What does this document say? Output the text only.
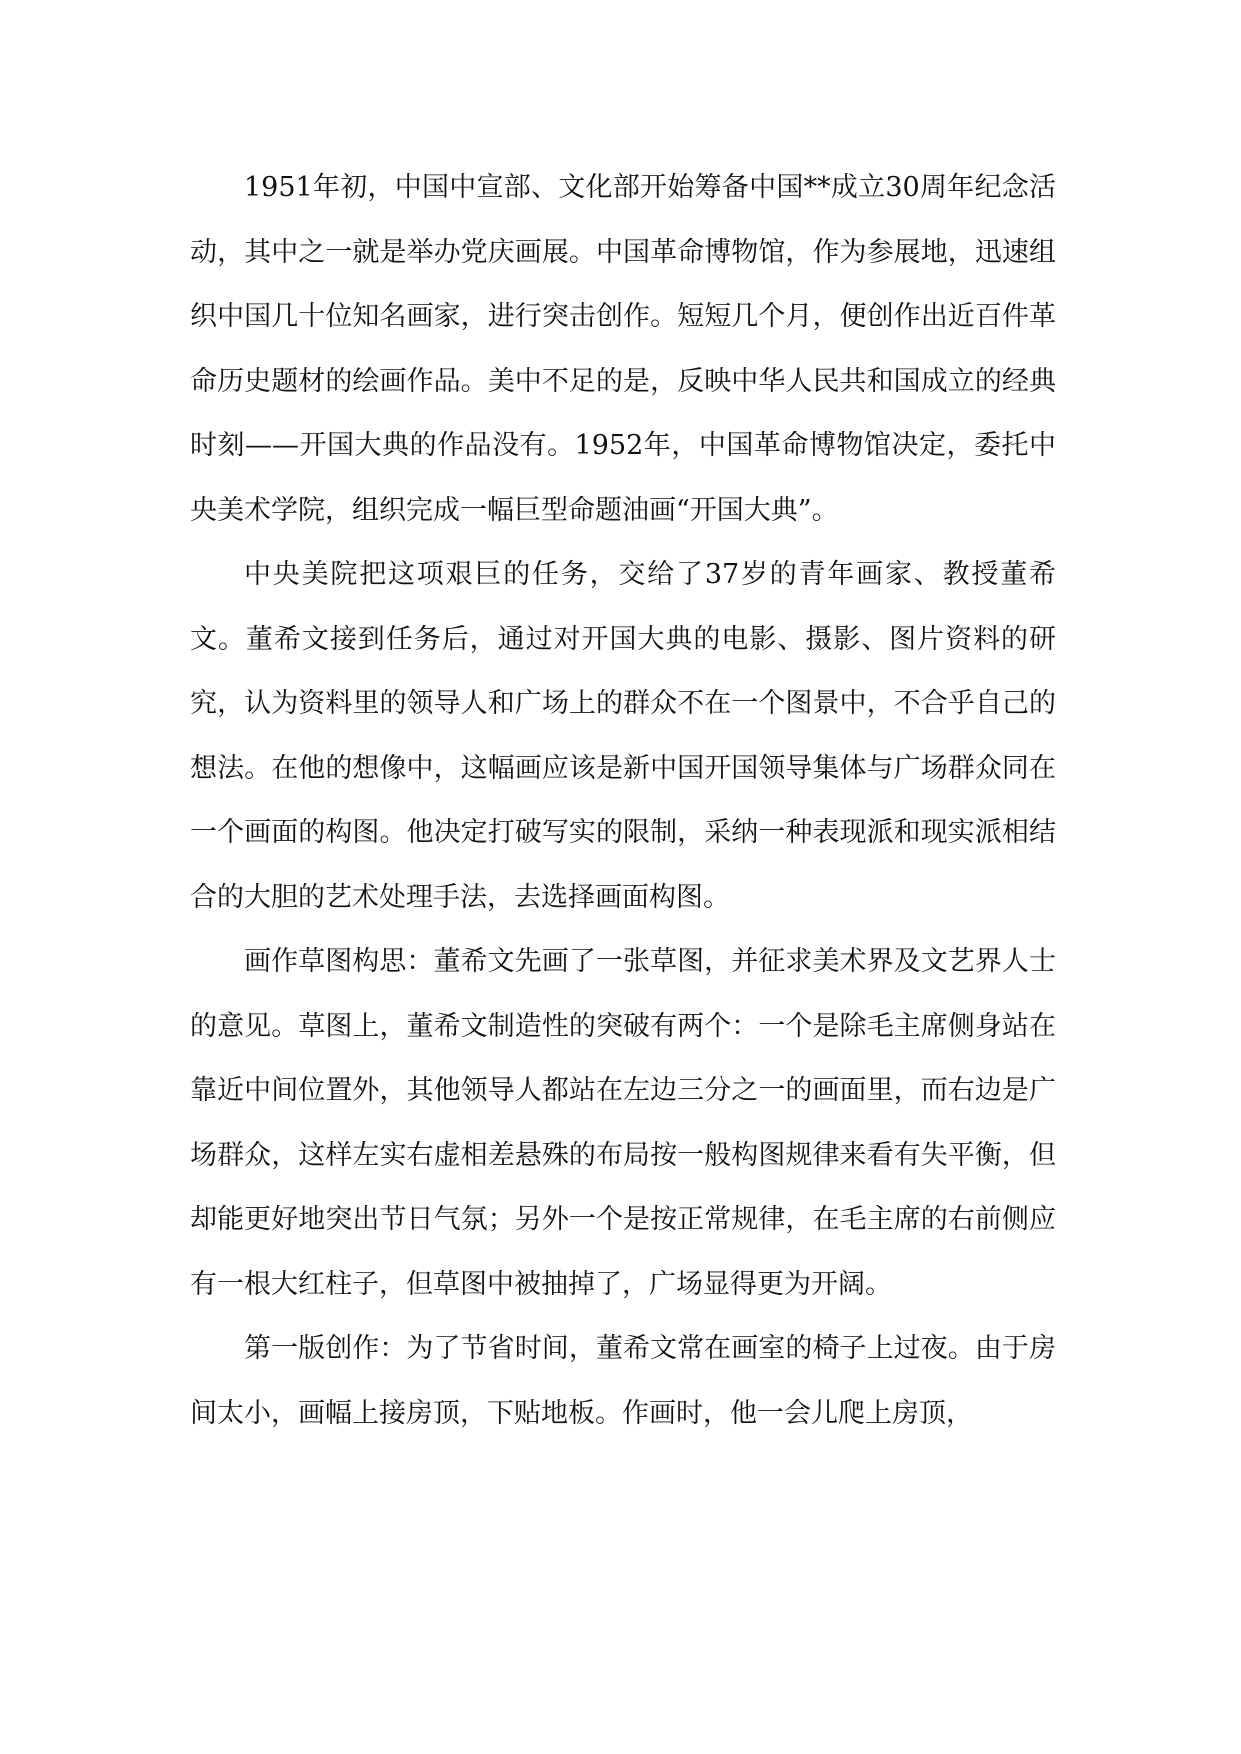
1951年初，中国中宣部、文化部开始筹备中国**成立30周年纪念活动，其中之一就是举办党庆画展。中国革命博物馆，作为参展地，迅速组织中国几十位知名画家，进行突击创作。短短几个月，便创作出近百件革命历史题材的绘画作品。美中不足的是，反映中华人民共和国成立的经典时刻——开国大典的作品没有。1952年，中国革命博物馆决定，委托中央美术学院，组织完成一幅巨型命题油画“开国大典”。

中央美院把这项艰巨的任务，交给了37岁的青年画家、教授董希文。董希文接到任务后，通过对开国大典的电影、摄影、图片资料的研究，认为资料里的领导人和广场上的群众不在一个图景中，不合乎自己的想法。在他的想像中，这幅画应该是新中国开国领导集体与广场群众同在一个画面的构图。他决定打破写实的限制，采纳一种表现派和现实派相结合的大胆的艺术处理手法，去选择画面构图。

画作草图构思：董希文先画了一张草图，并征求美术界及文艺界人士的意见。草图上，董希文制造性的突破有两个：一个是除毛主席侧身站在靠近中间位置外，其他领导人都站在左边三分之一的画面里，而右边是广场群众，这样左实右虚相差悬殊的布局按一般构图规律来看有失平衡，但却能更好地突出节日气氛；另外一个是按正常规律，在毛主席的右前侧应有一根大红柱子，但草图中被抽掉了，广场显得更为开阔。

第一版创作：为了节省时间，董希文常在画室的椅子上过夜。由于房间太小，画幅上接房顶，下贴地板。作画时，他一会儿爬上房顶，
